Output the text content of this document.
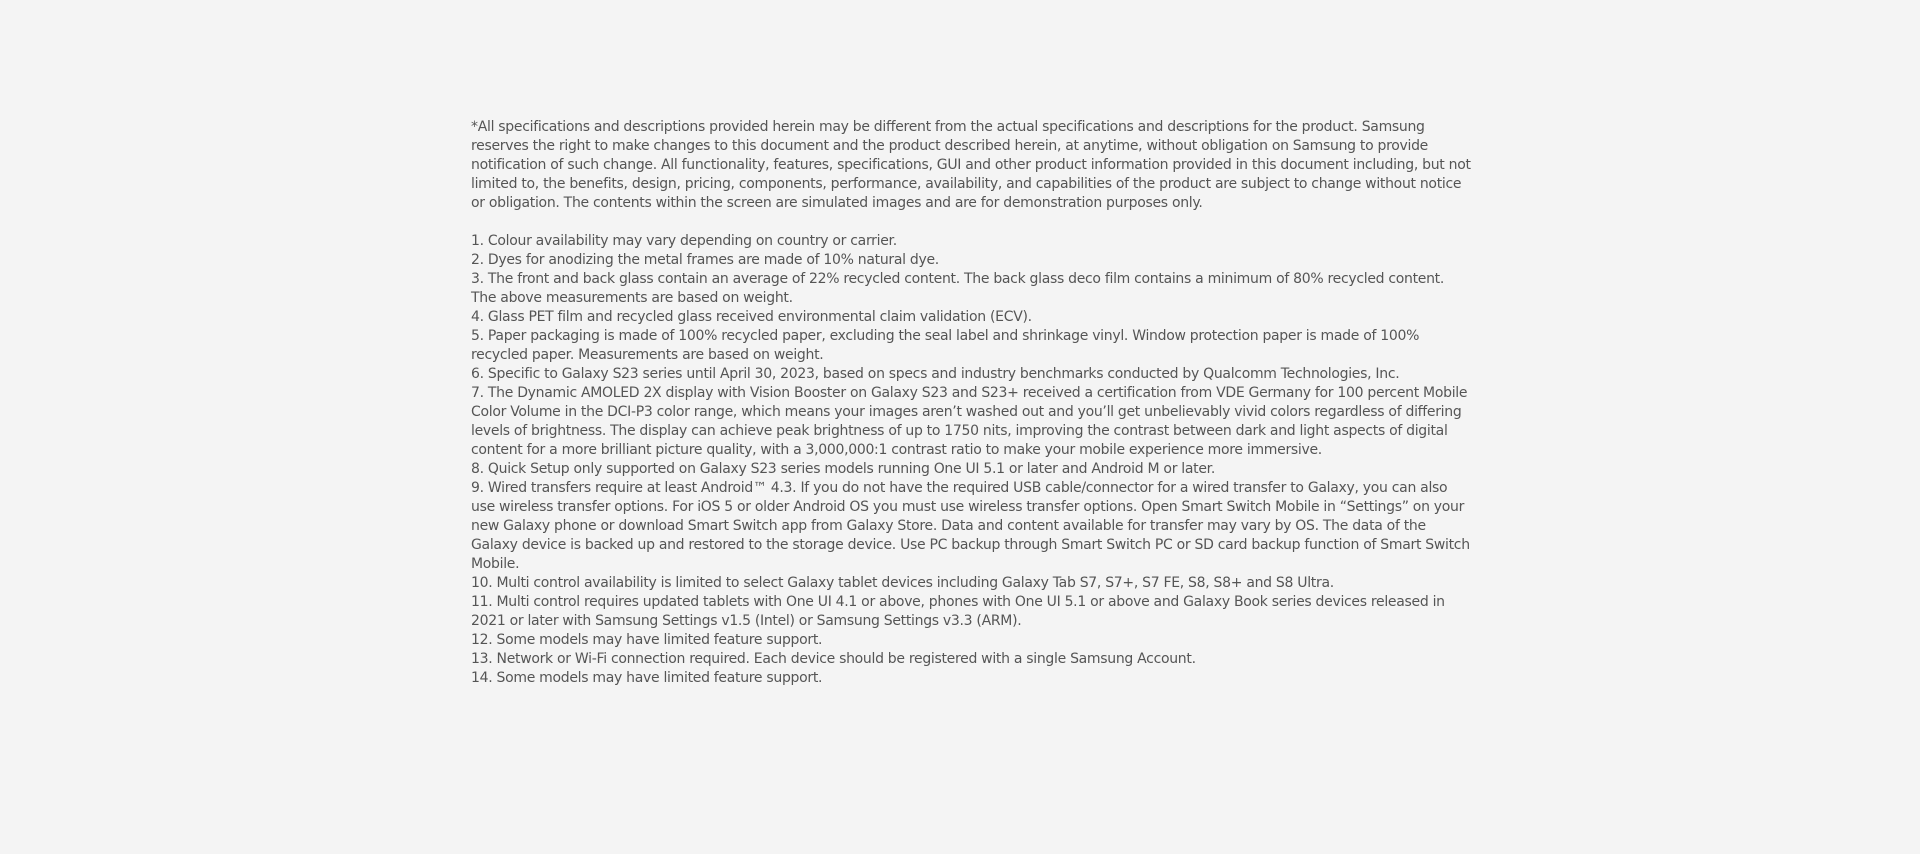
*All specifications and descriptions provided herein may be different from the actual specifications and descriptions for the product. Samsung reserves the right to make changes to this document and the product described herein, at anytime, without obligation on Samsung to provide notification of such change. All functionality, features, specifications, GUI and other product information provided in this document including, but not limited to, the benefits, design, pricing, components, performance, availability, and capabilities of the product are subject to change without notice or obligation. The contents within the screen are simulated images and are for demonstration purposes only.

1. Colour availability may vary depending on country or carrier.
2. Dyes for anodizing the metal frames are made of 10% natural dye.
3. The front and back glass contain an average of 22% recycled content. The back glass deco film contains a minimum of 80% recycled content. The above measurements are based on weight.
4. Glass PET film and recycled glass received environmental claim validation (ECV).
5. Paper packaging is made of 100% recycled paper, excluding the seal label and shrinkage vinyl. Window protection paper is made of 100% recycled paper. Measurements are based on weight.
6. Specific to Galaxy S23 series until April 30, 2023, based on specs and industry benchmarks conducted by Qualcomm Technologies, Inc.
7. The Dynamic AMOLED 2X display with Vision Booster on Galaxy S23 and S23+ received a certification from VDE Germany for 100 percent Mobile Color Volume in the DCI-P3 color range, which means your images aren’t washed out and you’ll get unbelievably vivid colors regardless of differing levels of brightness. The display can achieve peak brightness of up to 1750 nits, improving the contrast between dark and light aspects of digital content for a more brilliant picture quality, with a 3,000,000:1 contrast ratio to make your mobile experience more immersive.
8. Quick Setup only supported on Galaxy S23 series models running One UI 5.1 or later and Android M or later.
9. Wired transfers require at least Android™ 4.3. If you do not have the required USB cable/connector for a wired transfer to Galaxy, you can also use wireless transfer options. For iOS 5 or older Android OS you must use wireless transfer options. Open Smart Switch Mobile in “Settings” on your new Galaxy phone or download Smart Switch app from Galaxy Store. Data and content available for transfer may vary by OS. The data of the Galaxy device is backed up and restored to the storage device. Use PC backup through Smart Switch PC or SD card backup function of Smart Switch Mobile.
10. Multi control availability is limited to select Galaxy tablet devices including Galaxy Tab S7, S7+, S7 FE, S8, S8+ and S8 Ultra.
11. Multi control requires updated tablets with One UI 4.1 or above, phones with One UI 5.1 or above and Galaxy Book series devices released in 2021 or later with Samsung Settings v1.5 (Intel) or Samsung Settings v3.3 (ARM).
12. Some models may have limited feature support.
13. Network or Wi-Fi connection required. Each device should be registered with a single Samsung Account.
14. Some models may have limited feature support.
